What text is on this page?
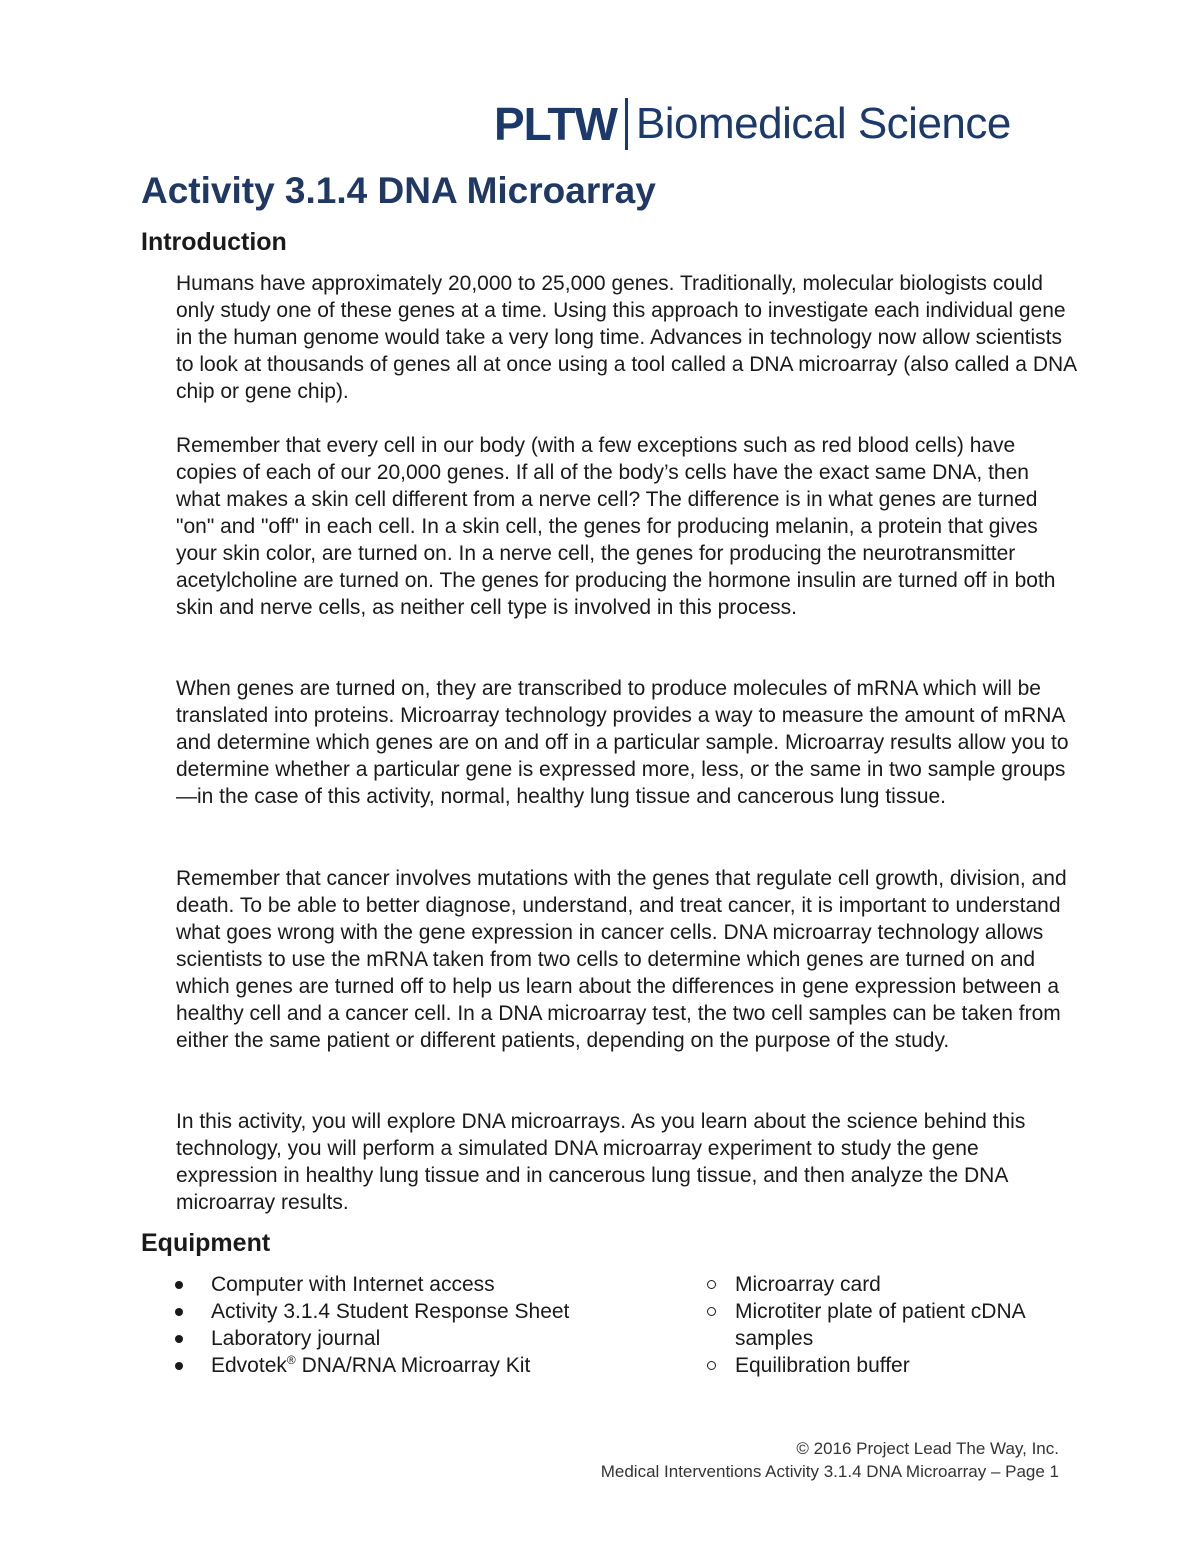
PLTW Biomedical Science
Activity 3.1.4 DNA Microarray
Introduction

Humans have approximately 20,000 to 25,000 genes. Traditionally, molecular biologists could only study one of these genes at a time. Using this approach to investigate each individual gene in the human genome would take a very long time. Advances in technology now allow scientists to look at thousands of genes all at once using a tool called a DNA microarray (also called a DNA chip or gene chip).

Remember that every cell in our body (with a few exceptions such as red blood cells) have copies of each of our 20,000 genes. If all of the body’s cells have the exact same DNA, then what makes a skin cell different from a nerve cell? The difference is in what genes are turned "on" and "off" in each cell. In a skin cell, the genes for producing melanin, a protein that gives your skin color, are turned on. In a nerve cell, the genes for producing the neurotransmitter acetylcholine are turned on. The genes for producing the hormone insulin are turned off in both skin and nerve cells, as neither cell type is involved in this process.

When genes are turned on, they are transcribed to produce molecules of mRNA which will be translated into proteins. Microarray technology provides a way to measure the amount of mRNA and determine which genes are on and off in a particular sample. Microarray results allow you to determine whether a particular gene is expressed more, less, or the same in two sample groups—in the case of this activity, normal, healthy lung tissue and cancerous lung tissue.

Remember that cancer involves mutations with the genes that regulate cell growth, division, and death. To be able to better diagnose, understand, and treat cancer, it is important to understand what goes wrong with the gene expression in cancer cells. DNA microarray technology allows scientists to use the mRNA taken from two cells to determine which genes are turned on and which genes are turned off to help us learn about the differences in gene expression between a healthy cell and a cancer cell. In a DNA microarray test, the two cell samples can be taken from either the same patient or different patients, depending on the purpose of the study.

In this activity, you will explore DNA microarrays. As you learn about the science behind this technology, you will perform a simulated DNA microarray experiment to study the gene expression in healthy lung tissue and in cancerous lung tissue, and then analyze the DNA microarray results.

Equipment
Computer with Internet access
Activity 3.1.4 Student Response Sheet
Laboratory journal
Edvotek® DNA/RNA Microarray Kit
Microarray card
Microtiter plate of patient cDNA samples
Equilibration buffer
© 2016 Project Lead The Way, Inc.
Medical Interventions Activity 3.1.4 DNA Microarray – Page 1
